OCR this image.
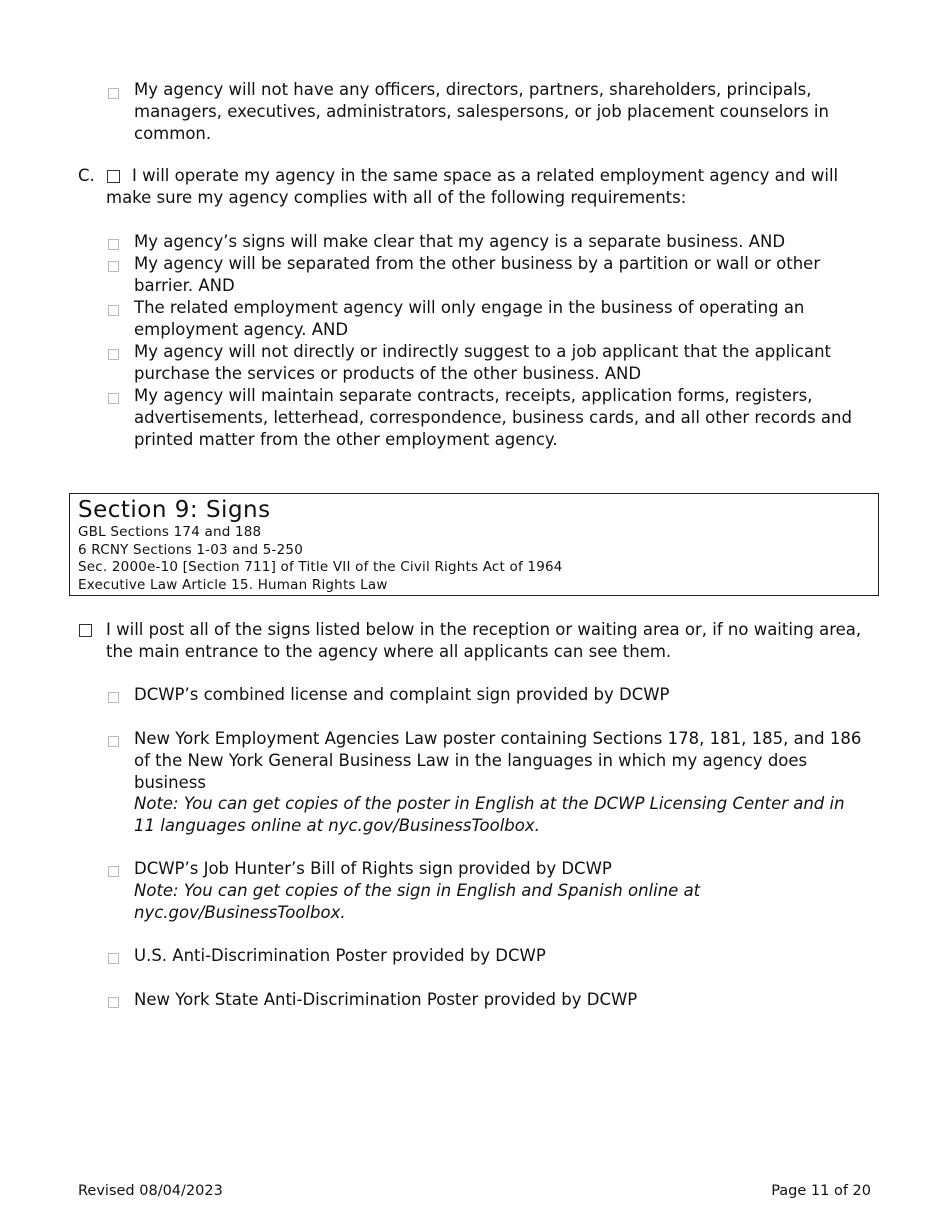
My agency will not have any officers, directors, partners, shareholders, principals, managers, executives, administrators, salespersons, or job placement counselors in common.
C.	I will operate my agency in the same space as a related employment agency and will make sure my agency complies with all of the following requirements:
My agency’s signs will make clear that my agency is a separate business. AND
My agency will be separated from the other business by a partition or wall or other barrier. AND
The related employment agency will only engage in the business of operating an employment agency. AND
My agency will not directly or indirectly suggest to a job applicant that the applicant purchase the services or products of the other business. AND
My agency will maintain separate contracts, receipts, application forms, registers, advertisements, letterhead, correspondence, business cards, and all other records and printed matter from the other employment agency.
Section 9: Signs
GBL Sections 174 and 188
6 RCNY Sections 1-03 and 5-250
Sec. 2000e-10 [Section 711] of Title VII of the Civil Rights Act of 1964
Executive Law Article 15. Human Rights Law
I will post all of the signs listed below in the reception or waiting area or, if no waiting area, the main entrance to the agency where all applicants can see them.
DCWP’s combined license and complaint sign provided by DCWP
New York Employment Agencies Law poster containing Sections 178, 181, 185, and 186 of the New York General Business Law in the languages in which my agency does business
Note: You can get copies of the poster in English at the DCWP Licensing Center and in 11 languages online at nyc.gov/BusinessToolbox.
DCWP’s Job Hunter’s Bill of Rights sign provided by DCWP
Note: You can get copies of the sign in English and Spanish online at nyc.gov/BusinessToolbox.
U.S. Anti-Discrimination Poster provided by DCWP
New York State Anti-Discrimination Poster provided by DCWP
Revised 08/04/2023	Page 11 of 20
